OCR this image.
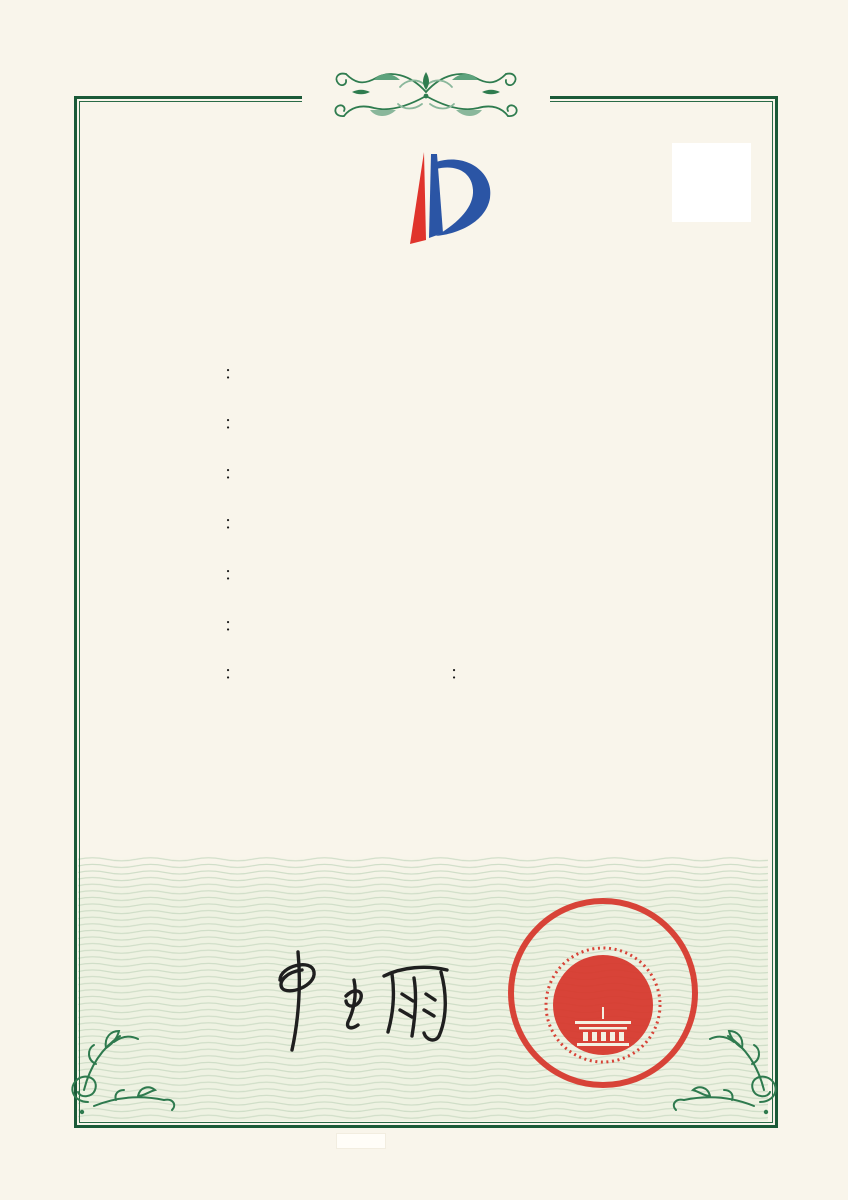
：
：
：
：
：
：
：	：
